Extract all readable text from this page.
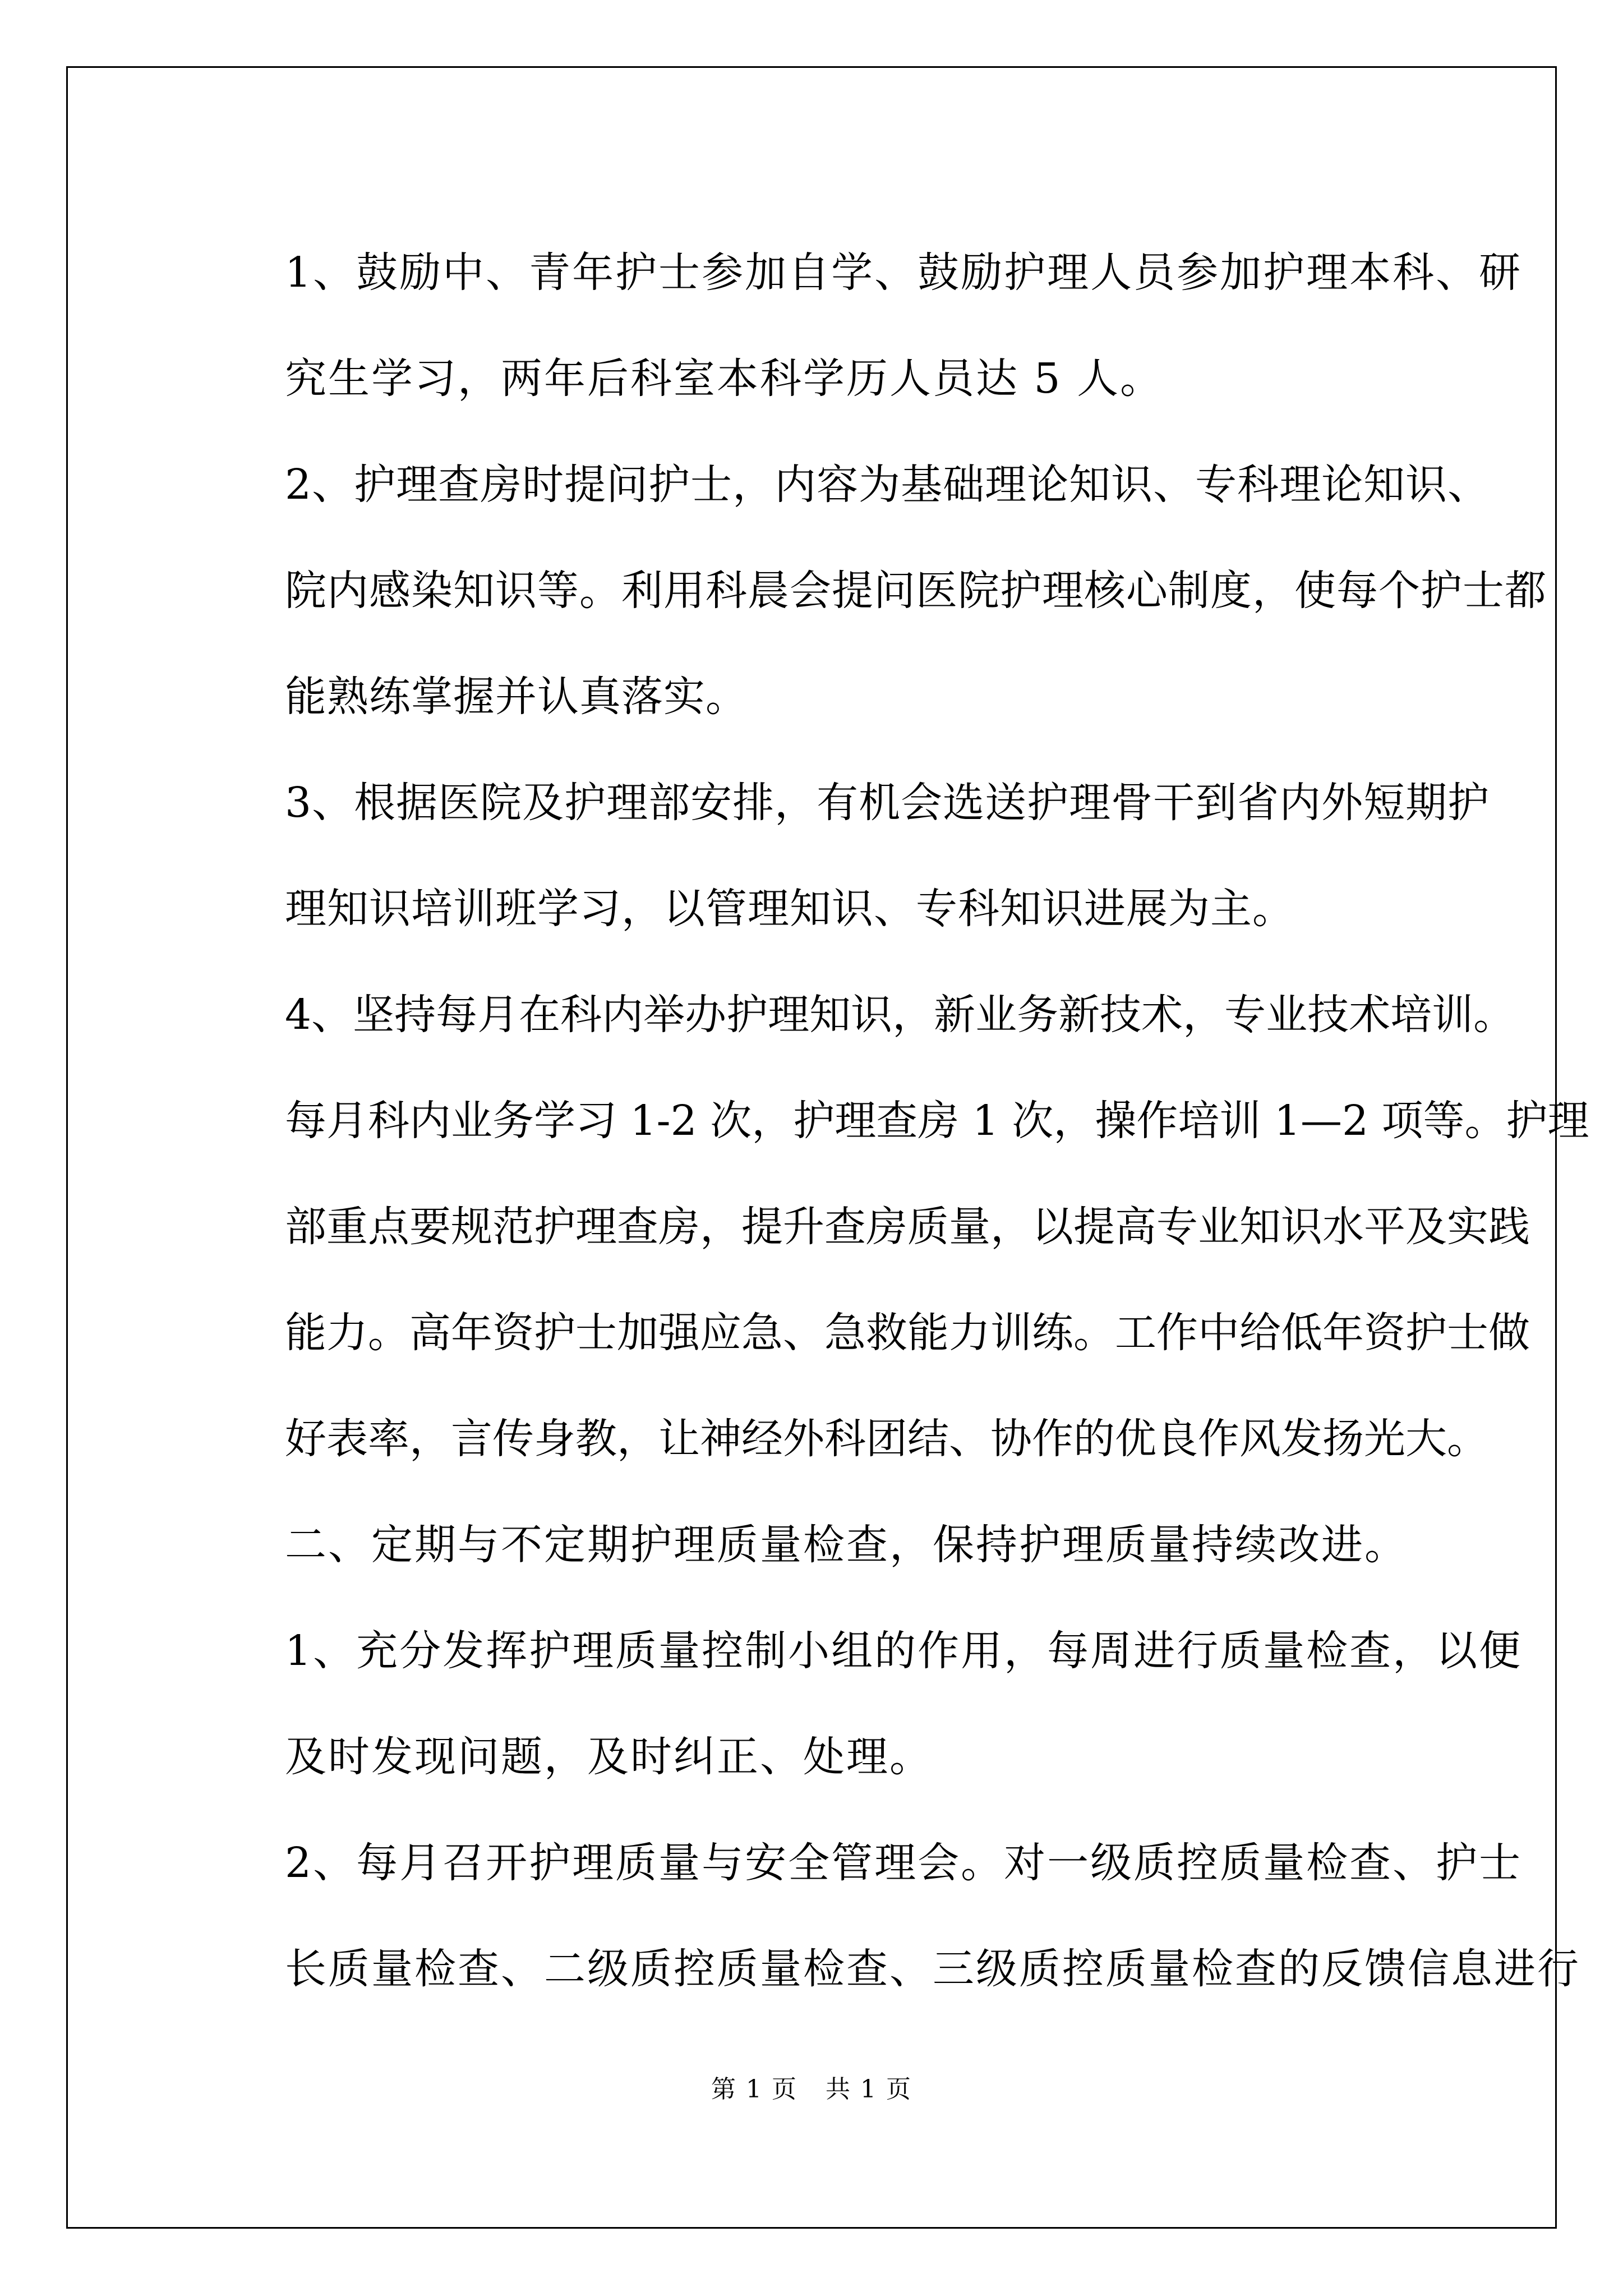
1、鼓励中、青年护士参加自学、鼓励护理人员参加护理本科、研
究生学习，两年后科室本科学历人员达 5 人。

2、护理查房时提问护士，内容为基础理论知识、专科理论知识、
院内感染知识等。利用科晨会提问医院护理核心制度，使每个护士都
能熟练掌握并认真落实。

3、根据医院及护理部安排，有机会选送护理骨干到省内外短期护
理知识培训班学习，以管理知识、专科知识进展为主。

4、坚持每月在科内举办护理知识，新业务新技术，专业技术培训。
每月科内业务学习 1-2 次，护理查房 1 次，操作培训 1—2 项等。护理
部重点要规范护理查房，提升查房质量，以提高专业知识水平及实践
能力。高年资护士加强应急、急救能力训练。工作中给低年资护士做
好表率，言传身教，让神经外科团结、协作的优良作风发扬光大。

二、定期与不定期护理质量检查，保持护理质量持续改进。

1、充分发挥护理质量控制小组的作用，每周进行质量检查，以便
及时发现问题，及时纠正、处理。

2、每月召开护理质量与安全管理会。对一级质控质量检查、护士
长质量检查、二级质控质量检查、三级质控质量检查的反馈信息进行

第 1 页 共 1 页
